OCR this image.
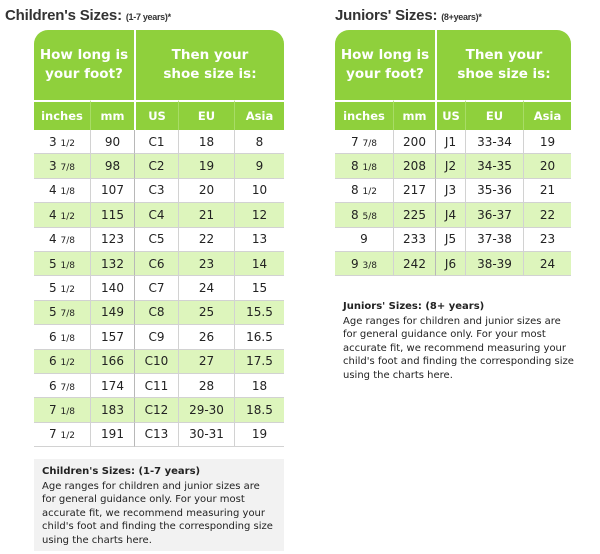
Children's Sizes: (1-7 years)*
How long is
your foot?		Then your
shoe size is:		
inches	mm	US	EU	Asia
3 1/2	90	C1	18	8
3 7/8	98	C2	19	9
4 1/8	107	C3	20	10
4 1/2	115	C4	21	12
4 7/8	123	C5	22	13
5 1/8	132	C6	23	14
5 1/2	140	C7	24	15
5 7/8	149	C8	25	15.5
6 1/8	157	C9	26	16.5
6 1/2	166	C10	27	17.5
6 7/8	174	C11	28	18
7 1/8	183	C12	29-30	18.5
7 1/2	191	C13	30-31	19
Children's Sizes: (1-7 years)
Age ranges for children and junior sizes are for general guidance only. For your most accurate fit, we recommend measuring your child's foot and finding the corresponding size using the charts here.
Juniors' Sizes: (8+years)*
How long is
your foot?		Then your
shoe size is:		
inches	mm	US	EU	Asia
7 7/8	200	J1	33-34	19
8 1/8	208	J2	34-35	20
8 1/2	217	J3	35-36	21
8 5/8	225	J4	36-37	22
9	233	J5	37-38	23
9 3/8	242	J6	38-39	24
Juniors' Sizes: (8+ years)
Age ranges for children and junior sizes are for general guidance only. For your most accurate fit, we recommend measuring your child's foot and finding the corresponding size using the charts here.
